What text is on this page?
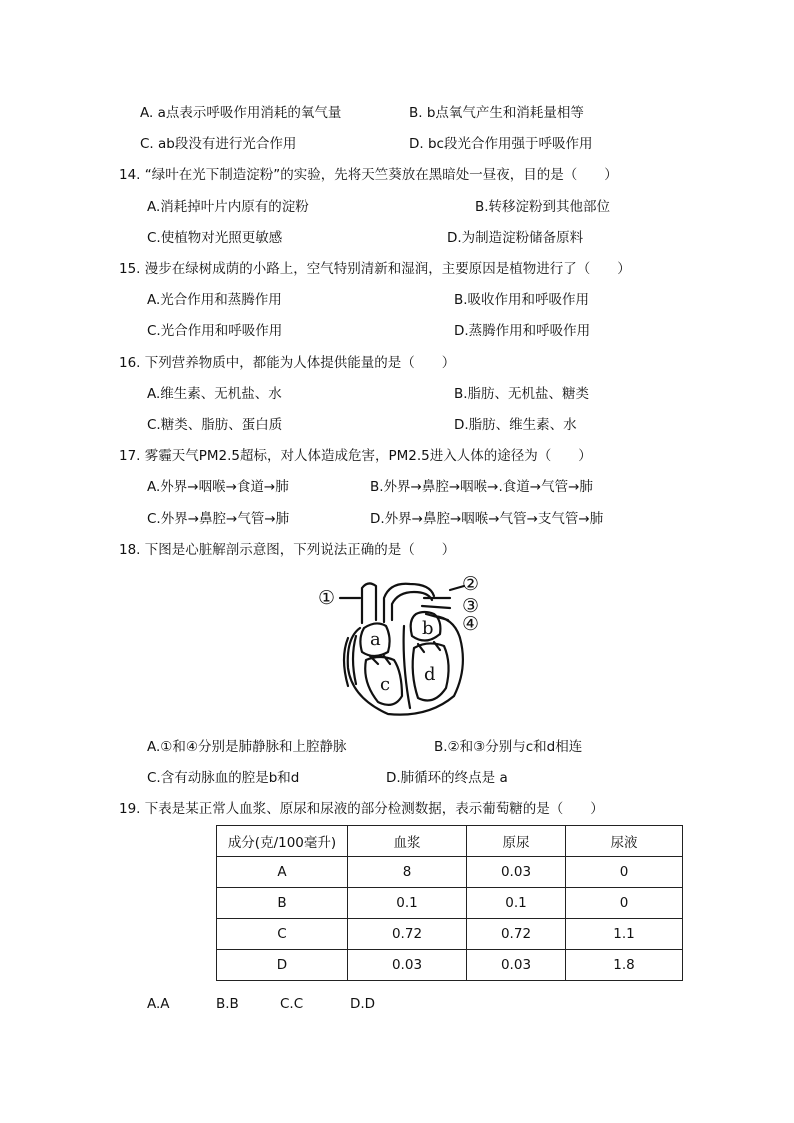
A. a点表示呼吸作用消耗的氧气量	B. b点氧气产生和消耗量相等
C. ab段没有进行光合作用	D. bc段光合作用强于呼吸作用
14. “绿叶在光下制造淀粉”的实验，先将天竺葵放在黑暗处一昼夜，目的是（　　）
A.消耗掉叶片内原有的淀粉	B.转移淀粉到其他部位
C.使植物对光照更敏感	D.为制造淀粉储备原料
15. 漫步在绿树成荫的小路上，空气特别清新和湿润，主要原因是植物进行了（　　）
A.光合作用和蒸腾作用	B.吸收作用和呼吸作用
C.光合作用和呼吸作用	D.蒸腾作用和呼吸作用
16. 下列营养物质中，都能为人体提供能量的是（　　）
A.维生素、无机盐、水	B.脂肪、无机盐、糖类
C.糖类、脂肪、蛋白质	D.脂肪、维生素、水
17. 雾霾天气PM2.5超标，对人体造成危害，PM2.5进入人体的途径为（　　）
A.外界→咽喉→食道→肺	B.外界→鼻腔→咽喉→.食道→气管→肺
C.外界→鼻腔→气管→肺	D.外界→鼻腔→咽喉→气管→支气管→肺
18. 下图是心脏解剖示意图，下列说法正确的是（　　）
①
②
③
④
a
b
c d
A.①和④分别是肺静脉和上腔静脉	B.②和③分别与c和d相连
C.含有动脉血的腔是b和d	D.肺循环的终点是 a
19. 下表是某正常人血浆、原尿和尿液的部分检测数据，表示葡萄糖的是（　　）
成分(克/100毫升)	血浆	原尿	尿液
A	8	0.03	0
B	0.1	0.1	0
C	0.72	0.72	1.1
D	0.03	0.03	1.8
A.A	B.B	C.C	D.D
